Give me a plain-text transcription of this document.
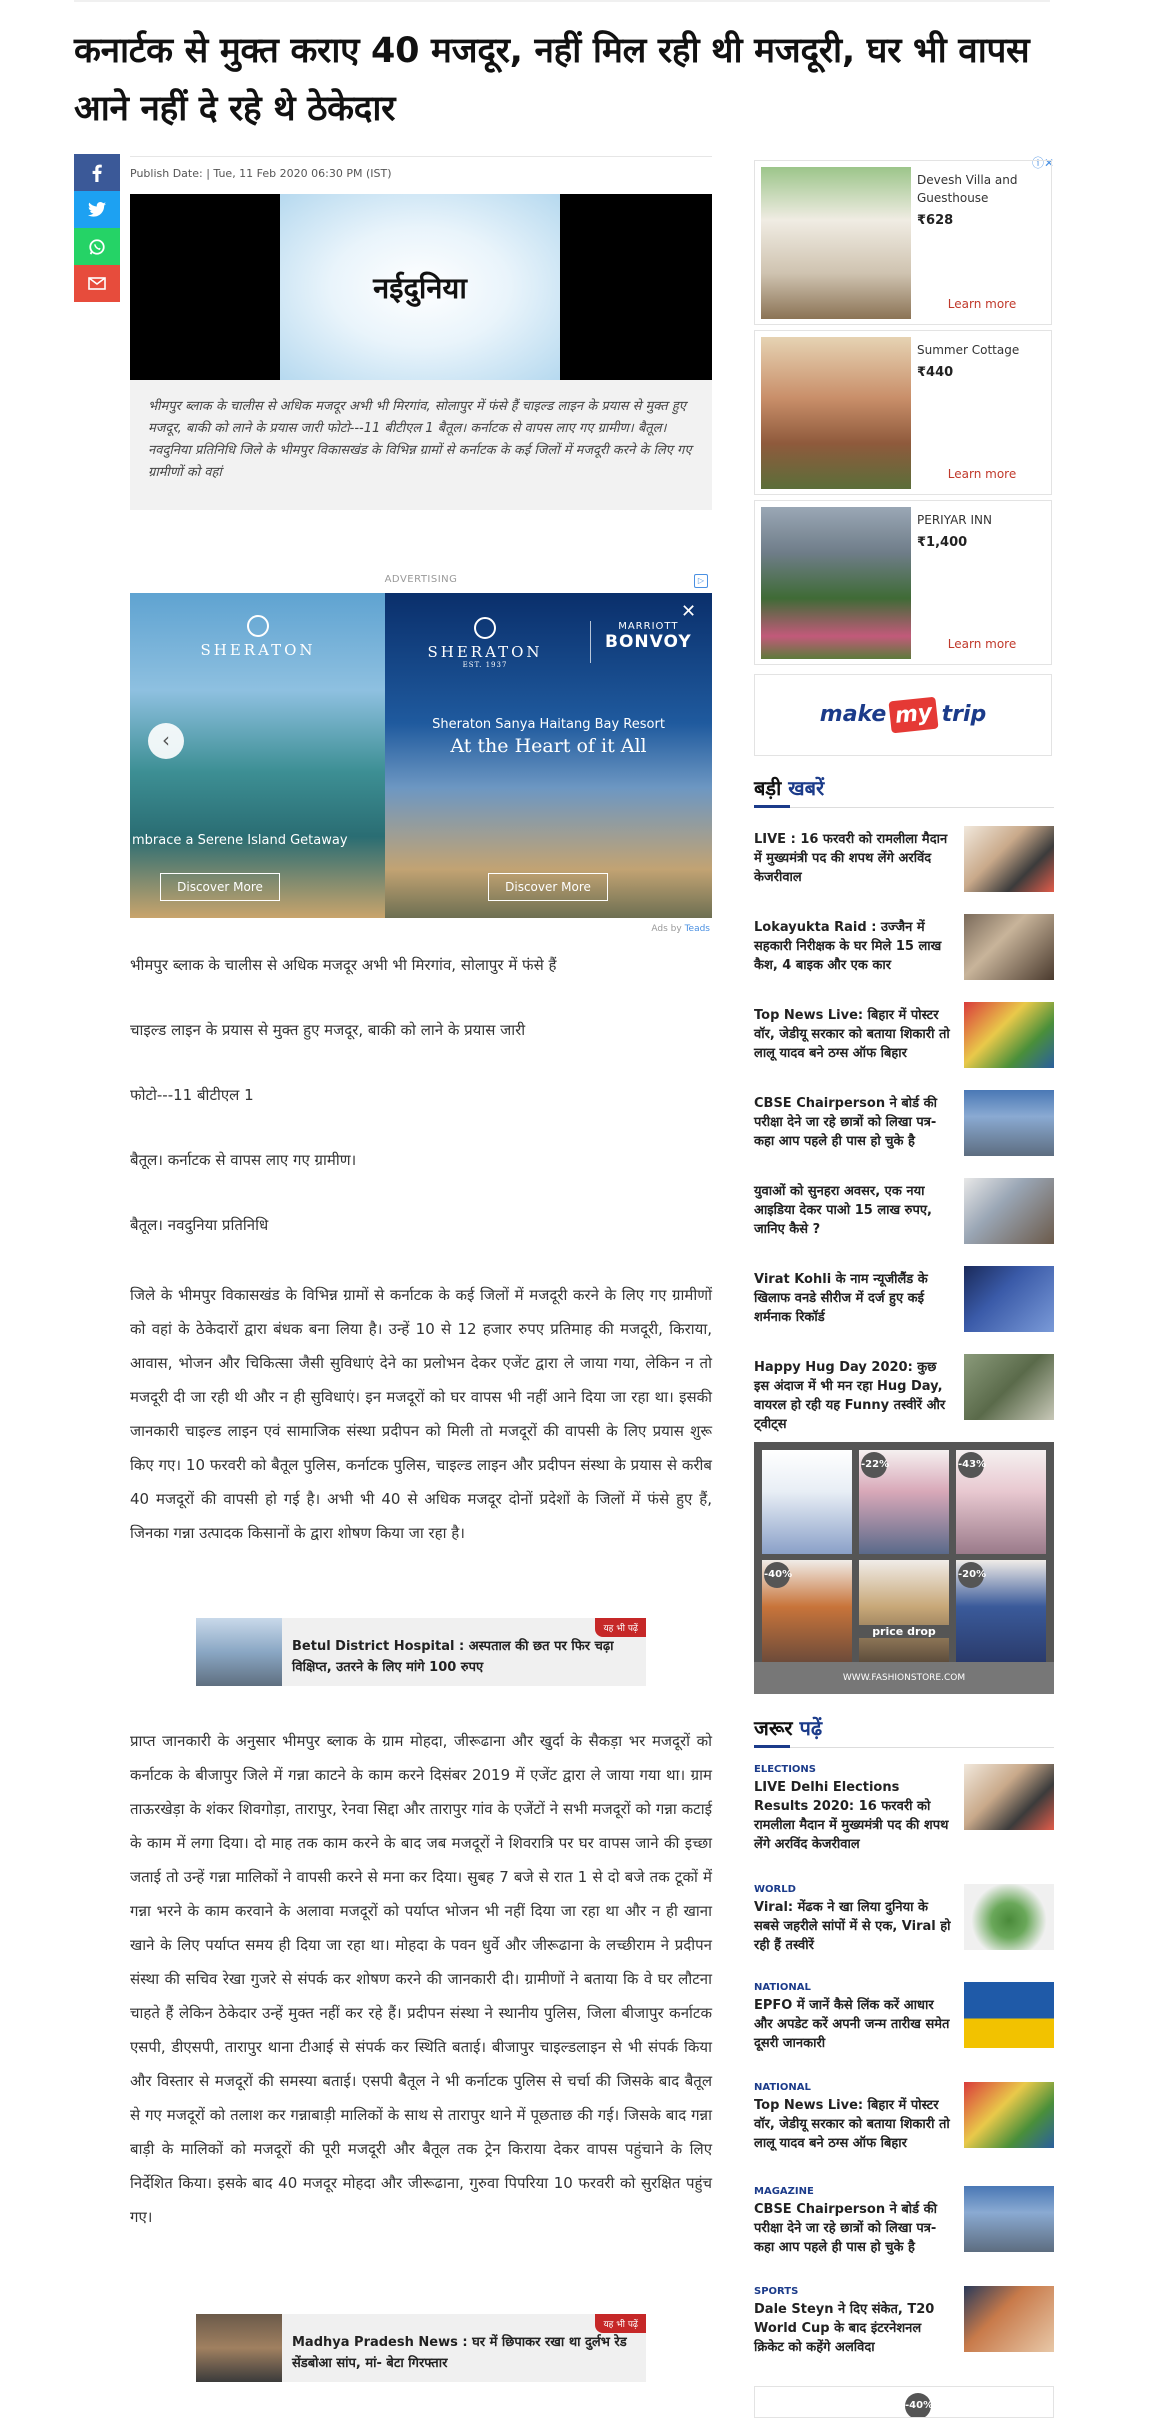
कनार्टक से मुक्त कराए 40 मजदूर, नहीं मिल रही थी मजदूरी, घर भी वापस आने नहीं दे रहे थे ठेकेदार
Publish Date: | Tue, 11 Feb 2020 06:30 PM (IST)
नईदुनिया
भीमपुर ब्लाक के चालीस से अधिक मजदूर अभी भी मिरगांव, सोलापुर में फंसे हैं चाइल्ड लाइन के प्रयास से मुक्त हुए मजदूर, बाकी को लाने के प्रयास जारी फोटो---11 बीटीएल 1 बैतूल। कर्नाटक से वापस लाए गए ग्रामीण। बैतूल। नवदुनिया प्रतिनिधि जिले के भीमपुर विकासखंड के विभिन्न ग्रामों से कर्नाटक के कई जिलों में मजदूरी करने के लिए गए ग्रामीणों को वहां
ADVERTISING	▷
SHERATON
mbrace a Serene Island Getaway
Discover More
‹
SHERATON
EST. 1937
MARRIOTT
BONVOY
Sheraton Sanya Haitang Bay Resort
At the Heart of it All
Discover More
✕
Ads by Teads
भीमपुर ब्लाक के चालीस से अधिक मजदूर अभी भी मिरगांव, सोलापुर में फंसे हैं
चाइल्ड लाइन के प्रयास से मुक्त हुए मजदूर, बाकी को लाने के प्रयास जारी
फोटो---11 बीटीएल 1
बैतूल। कर्नाटक से वापस लाए गए ग्रामीण।
बैतूल। नवदुनिया प्रतिनिधि
जिले के भीमपुर विकासखंड के विभिन्न ग्रामों से कर्नाटक के कई जिलों में मजदूरी करने के लिए गए ग्रामीणों को वहां के ठेकेदारों द्वारा बंधक बना लिया है। उन्हें 10 से 12 हजार रुपए प्रतिमाह की मजदूरी, किराया, आवास, भोजन और चिकित्सा जैसी सुविधाएं देने का प्रलोभन देकर एजेंट द्वारा ले जाया गया, लेकिन न तो मजदूरी दी जा रही थी और न ही सुविधाएं। इन मजदूरों को घर वापस भी नहीं आने दिया जा रहा था। इसकी जानकारी चाइल्ड लाइन एवं सामाजिक संस्था प्रदीपन को मिली तो मजदूरों की वापसी के लिए प्रयास शुरू किए गए। 10 फरवरी को बैतूल पुलिस, कर्नाटक पुलिस, चाइल्ड लाइन और प्रदीपन संस्था के प्रयास से करीब 40 मजदूरों की वापसी हो गई है। अभी भी 40 से अधिक मजदूर दोनों प्रदेशों के जिलों में फंसे हुए हैं, जिनका गन्ना उत्पादक किसानों के द्वारा शोषण किया जा रहा है।
Betul District Hospital : अस्पताल की छत पर फिर चढ़ा विक्षिप्त, उतरने के लिए मांगे 100 रुपए
यह भी पढ़ें
प्राप्त जानकारी के अनुसार भीमपुर ब्लाक के ग्राम मोहदा, जीरूढाना और खुर्दा के सैकड़ा भर मजदूरों को कर्नाटक के बीजापुर जिले में गन्ना काटने के काम करने दिसंबर 2019 में एजेंट द्वारा ले जाया गया था। ग्राम ताऊरखेड़ा के शंकर शिवगोड़ा, तारापुर, रेनवा सिद्दा और तारापुर गांव के एजेंटों ने सभी मजदूरों को गन्ना कटाई के काम में लगा दिया। दो माह तक काम करने के बाद जब मजदूरों ने शिवरात्रि पर घर वापस जाने की इच्छा जताई तो उन्हें गन्ना मालिकों ने वापसी करने से मना कर दिया। सुबह 7 बजे से रात 1 से दो बजे तक टूकों में गन्ना भरने के काम करवाने के अलावा मजदूरों को पर्याप्त भोजन भी नहीं दिया जा रहा था और न ही खाना खाने के लिए पर्याप्त समय ही दिया जा रहा था। मोहदा के पवन धुर्वे और जीरूढाना के लच्छीराम ने प्रदीपन संस्था की सचिव रेखा गुजरे से संपर्क कर शोषण करने की जानकारी दी। ग्रामीणों ने बताया कि वे घर लौटना चाहते हैं लेकिन ठेकेदार उन्हें मुक्त नहीं कर रहे हैं। प्रदीपन संस्था ने स्थानीय पुलिस, जिला बीजापुर कर्नाटक एसपी, डीएसपी, तारापुर थाना टीआई से संपर्क कर स्थिति बताई। बीजापुर चाइल्डलाइन से भी संपर्क किया और विस्तार से मजदूरों की समस्या बताई। एसपी बैतूल ने भी कर्नाटक पुलिस से चर्चा की जिसके बाद बैतूल से गए मजदूरों को तलाश कर गन्नाबाड़ी मालिकों के साथ से तारापुर थाने में पूछताछ की गई। जिसके बाद गन्ना बाड़ी के मालिकों को मजदूरों की पूरी मजदूरी और बैतूल तक ट्रेन किराया देकर वापस पहुंचाने के लिए निर्देशित किया। इसके बाद 40 मजदूर मोहदा और जीरूढाना, गुरुवा पिपरिया 10 फरवरी को सुरक्षित पहुंच गए।
Madhya Pradesh News : घर में छिपाकर रखा था दुर्लभ रेड सेंडबोआ सांप, मां- बेटा गिरफ्तार
यह भी पढ़ें
ⓘ✕
Devesh Villa and Guesthouse
₹628
Learn more
Summer Cottage
₹440
Learn more
PERIYAR INN
₹1,400
Learn more
make my trip
बड़ी खबरें
LIVE : 16 फरवरी को रामलीला मैदान में मुख्यमंत्री पद की शपथ लेंगे अरविंद केजरीवाल
Lokayukta Raid : उज्जैन में सहकारी निरीक्षक के घर मिले 15 लाख कैश, 4 बाइक और एक कार
Top News Live: बिहार में पोस्टर वॉर, जेडीयू सरकार को बताया शिकारी तो लालू यादव बने ठग्स ऑफ बिहार
CBSE Chairperson ने बोर्ड की परीक्षा देने जा रहे छात्रों को लिखा पत्र- कहा आप पहले ही पास हो चुके है
युवाओं को सुनहरा अवसर, एक नया आइडिया देकर पाओ 15 लाख रुपए, जानिए कैसे ?
Virat Kohli के नाम न्यूजीलैंड के खिलाफ वनडे सीरीज में दर्ज हुए कई शर्मनाक रिकॉर्ड
Happy Hug Day 2020: कुछ इस अंदाज में भी मन रहा Hug Day, वायरल हो रही यह Funny तस्वीरें और ट्वीट्स
-22%	-43%
-40%
price drop
-20%
WWW.FASHIONSTORE.COM
जरूर पढ़ें
ELECTIONS
LIVE Delhi Elections Results 2020: 16 फरवरी को रामलीला मैदान में मुख्यमंत्री पद की शपथ लेंगे अरविंद केजरीवाल
WORLD
Viral: मेंढक ने खा लिया दुनिया के सबसे जहरीले सांपों में से एक, Viral हो रही हैं तस्वीरें
NATIONAL
EPFO में जानें कैसे लिंक करें आधार और अपडेट करें अपनी जन्म तारीख समेत दूसरी जानकारी
NATIONAL
Top News Live: बिहार में पोस्टर वॉर, जेडीयू सरकार को बताया शिकारी तो लालू यादव बने ठग्स ऑफ बिहार
MAGAZINE
CBSE Chairperson ने बोर्ड की परीक्षा देने जा रहे छात्रों को लिखा पत्र- कहा आप पहले ही पास हो चुके है
SPORTS
Dale Steyn ने दिए संकेत, T20 World Cup के बाद इंटरनेशनल क्रिकेट को कहेंगे अलविदा
-40%
